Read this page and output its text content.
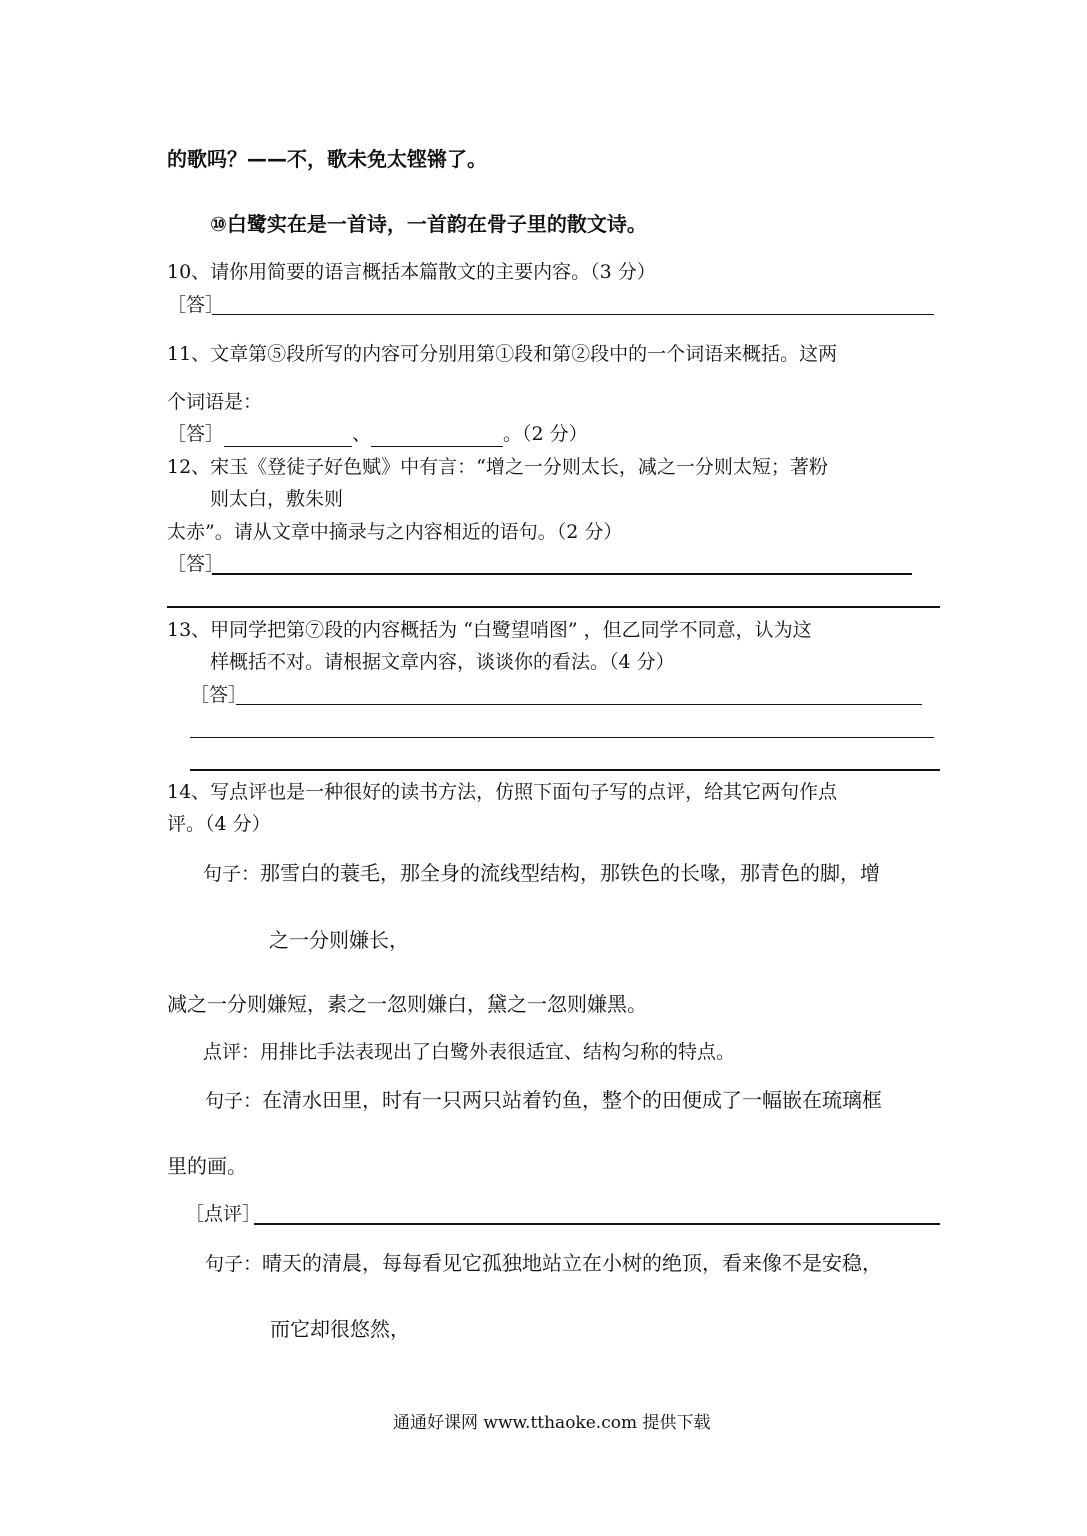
的歌吗？——不，歌未免太铿锵了。
⑩白鹭实在是一首诗，一首韵在骨子里的散文诗。
10、请你用简要的语言概括本篇散文的主要内容。（3 分）
［答］
11、文章第⑤段所写的内容可分别用第①段和第②段中的一个词语来概括。这两
个词语是：
［答］	、	。（2 分）
12、宋玉《登徒子好色赋》中有言：“增之一分则太长，减之一分则太短；著粉
则太白，敷朱则
太赤”。请从文章中摘录与之内容相近的语句。（2 分）
［答］
13、甲同学把第⑦段的内容概括为 “白鹭望哨图” ，但乙同学不同意，认为这
样概括不对。请根据文章内容，谈谈你的看法。（4 分）
［答］
14、写点评也是一种很好的读书方法，仿照下面句子写的点评，给其它两句作点
评。（4 分）
句子：那雪白的蓑毛，那全身的流线型结构，那铁色的长喙，那青色的脚，增
之一分则嫌长，
减之一分则嫌短，素之一忽则嫌白，黛之一忽则嫌黑。
点评：用排比手法表现出了白鹭外表很适宜、结构匀称的特点。
句子：在清水田里，时有一只两只站着钓鱼，整个的田便成了一幅嵌在琉璃框
里的画。
［点评］
句子：晴天的清晨，每每看见它孤独地站立在小树的绝顶，看来像不是安稳，
而它却很悠然，
通通好课网 www.tthaoke.com 提供下载
